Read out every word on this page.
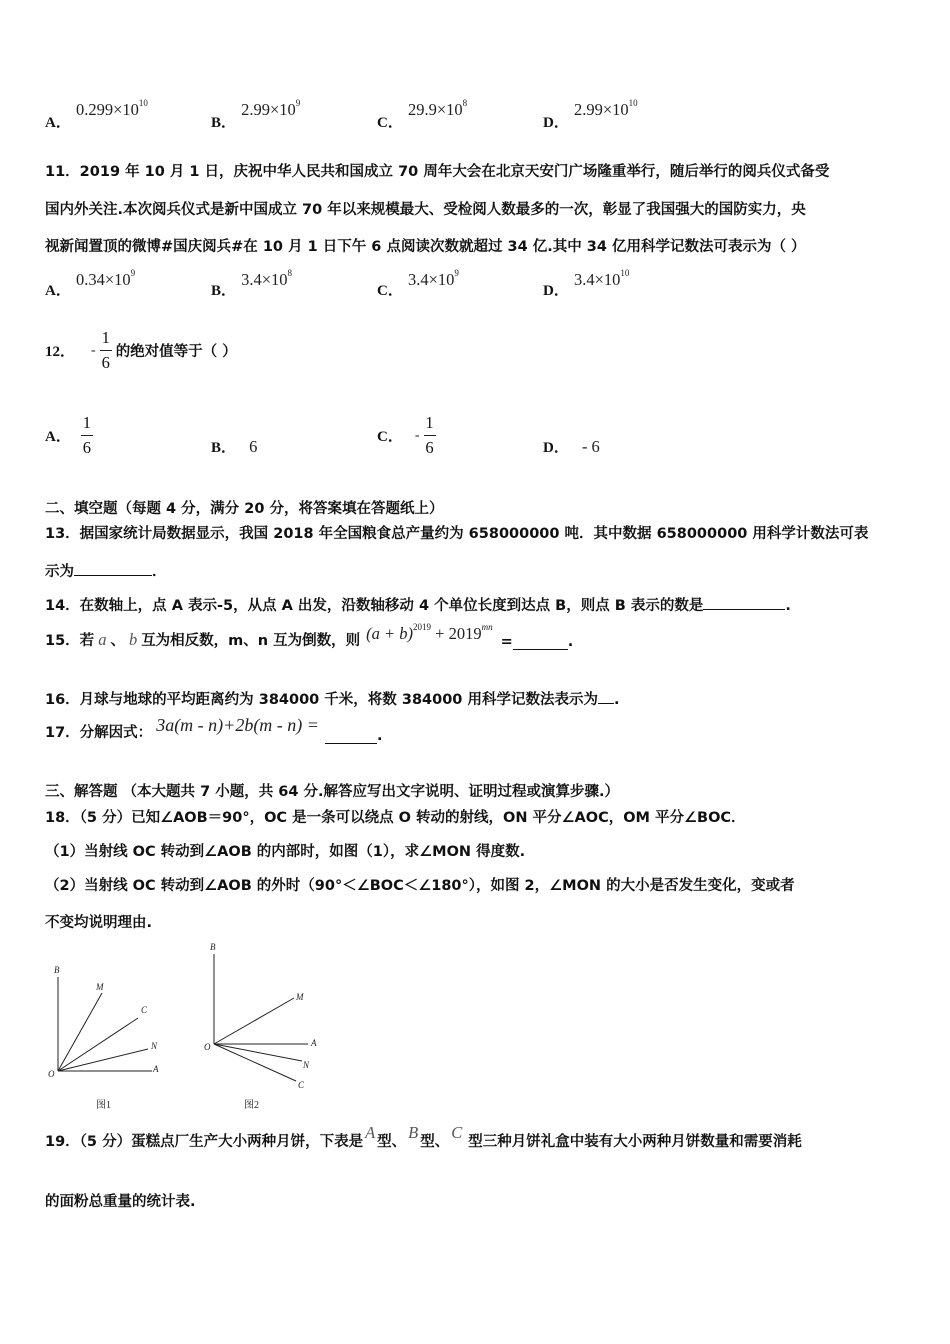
A． $0.299\times 10^{10}$
B． $2.99\times 10^9$
C． $29.9\times 10^8$
D． $2.99\times 10^{10}$
11．2019 年 10 月 1 日，庆祝中华人民共和国成立 70 周年大会在北京天安门广场隆重举行，随后举行的阅兵仪式备受
国内外关注.本次阅兵仪式是新中国成立 70 年以来规模最大、受检阅人数最多的一次，彰显了我国强大的国防实力，央
视新闻置顶的微博#国庆阅兵#在 10 月 1 日下午 6 点阅读次数就超过 34 亿.其中 34 亿用科学记数法可表示为（ ）
A． $0.34\times 10^9$
B． $3.4\times 10^8$
C． $3.4\times 10^9$
D． $3.4\times 10^{10}$
12． - $\frac{1}{6}$ 的绝对值等于（ ）
A． $\frac{1}{6}$	B． 6	C． - $\frac{1}{6}$	D． - 6
二、填空题（每题 4 分，满分 20 分，将答案填在答题纸上）
13．据国家统计局数据显示，我国 2018 年全国粮食总产量约为 658000000 吨．其中数据 658000000 用科学计数法可表
示为	．
14．在数轴上，点 A 表示-5，从点 A 出发，沿数轴移动 4 个单位长度到达点 B，则点 B 表示的数是	.
15．若 a 、 b 互为相反数，m、n 互为倒数，则 $(a + b)^{2019} + 2019^{mn}$
=	.
16．月球与地球的平均距离约为 384000 千米，将数 384000 用科学记数法表示为 .
17．分解因式： 3a(m - n)+2b(m - n) =
.
三、解答题 （本大题共 7 小题，共 64 分.解答应写出文字说明、证明过程或演算步骤.）
18．（5 分）已知∠AOB＝90°，OC 是一条可以绕点 O 转动的射线，ON 平分∠AOC，OM 平分∠BOC．
（1）当射线 OC 转动到∠AOB 的内部时，如图（1），求∠MON 得度数.
（2）当射线 OC 转动到∠AOB 的外时（90°＜∠BOC＜∠180°），如图 2，∠MON 的大小是否发生变化，变或者
不变均说明理由.
B
M
C
N
O	A
图1
B
M
O	A
N
C
图2
19．（5 分）蛋糕点厂生产大小两种月饼，下表是 A 型、 B 型、 C 型三种月饼礼盒中装有大小两种月饼数量和需要消耗
的面粉总重量的统计表.
